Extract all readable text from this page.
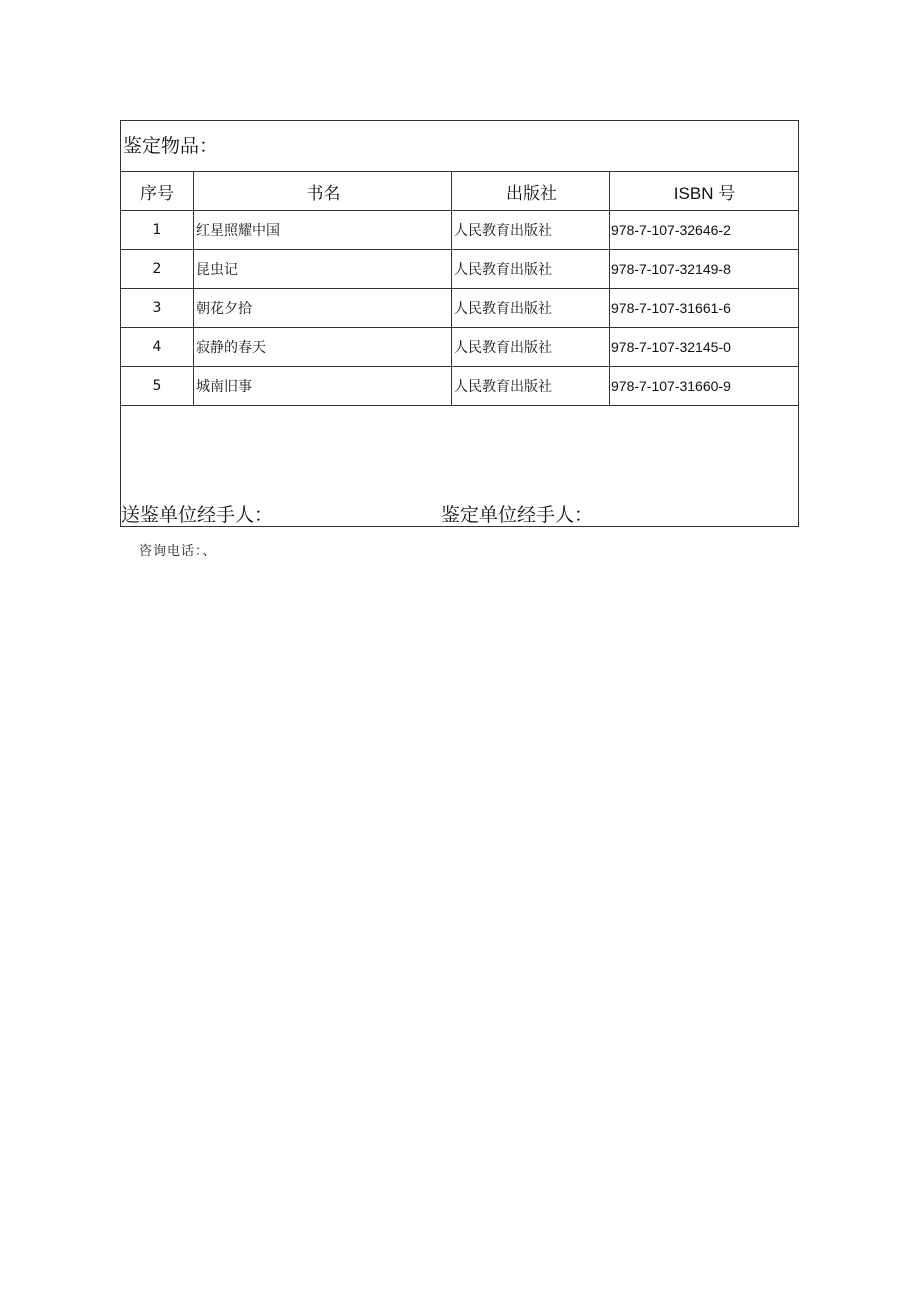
鉴定物品：
序号	书名	出版社	ISBN 号
1	红星照耀中国	人民教育出版社	978-7-107-32646-2
2	昆虫记	人民教育出版社	978-7-107-32149-8
3	朝花夕拾	人民教育出版社	978-7-107-31661-6
4	寂静的春天	人民教育出版社	978-7-107-32145-0
5	城南旧事	人民教育出版社	978-7-107-31660-9
送鉴单位经手人：	鉴定单位经手人：
咨询电话：、
